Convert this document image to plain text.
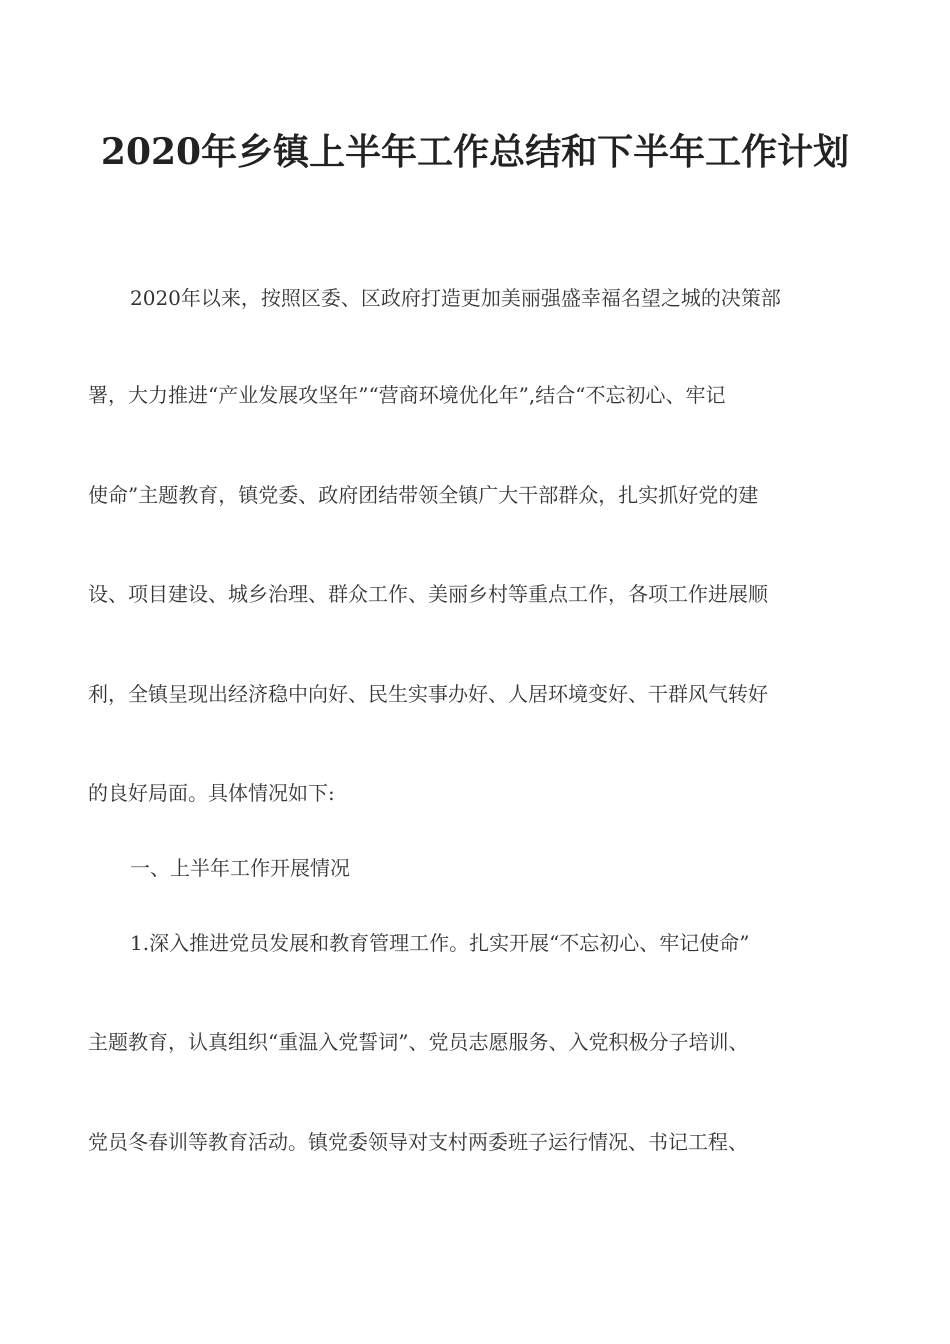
2020年乡镇上半年工作总结和下半年工作计划
2020年以来，按照区委、区政府打造更加美丽强盛幸福名望之城的决策部
署，大力推进“产业发展攻坚年”“营商环境优化年”,结合“不忘初心、牢记
使命”主题教育，镇党委、政府团结带领全镇广大干部群众，扎实抓好党的建
设、项目建设、城乡治理、群众工作、美丽乡村等重点工作，各项工作进展顺
利，全镇呈现出经济稳中向好、民生实事办好、人居环境变好、干群风气转好
的良好局面。具体情况如下:
一、上半年工作开展情况
1.深入推进党员发展和教育管理工作。扎实开展“不忘初心、牢记使命”
主题教育，认真组织“重温入党誓词”、党员志愿服务、入党积极分子培训、
党员冬春训等教育活动。镇党委领导对支村两委班子运行情况、书记工程、
